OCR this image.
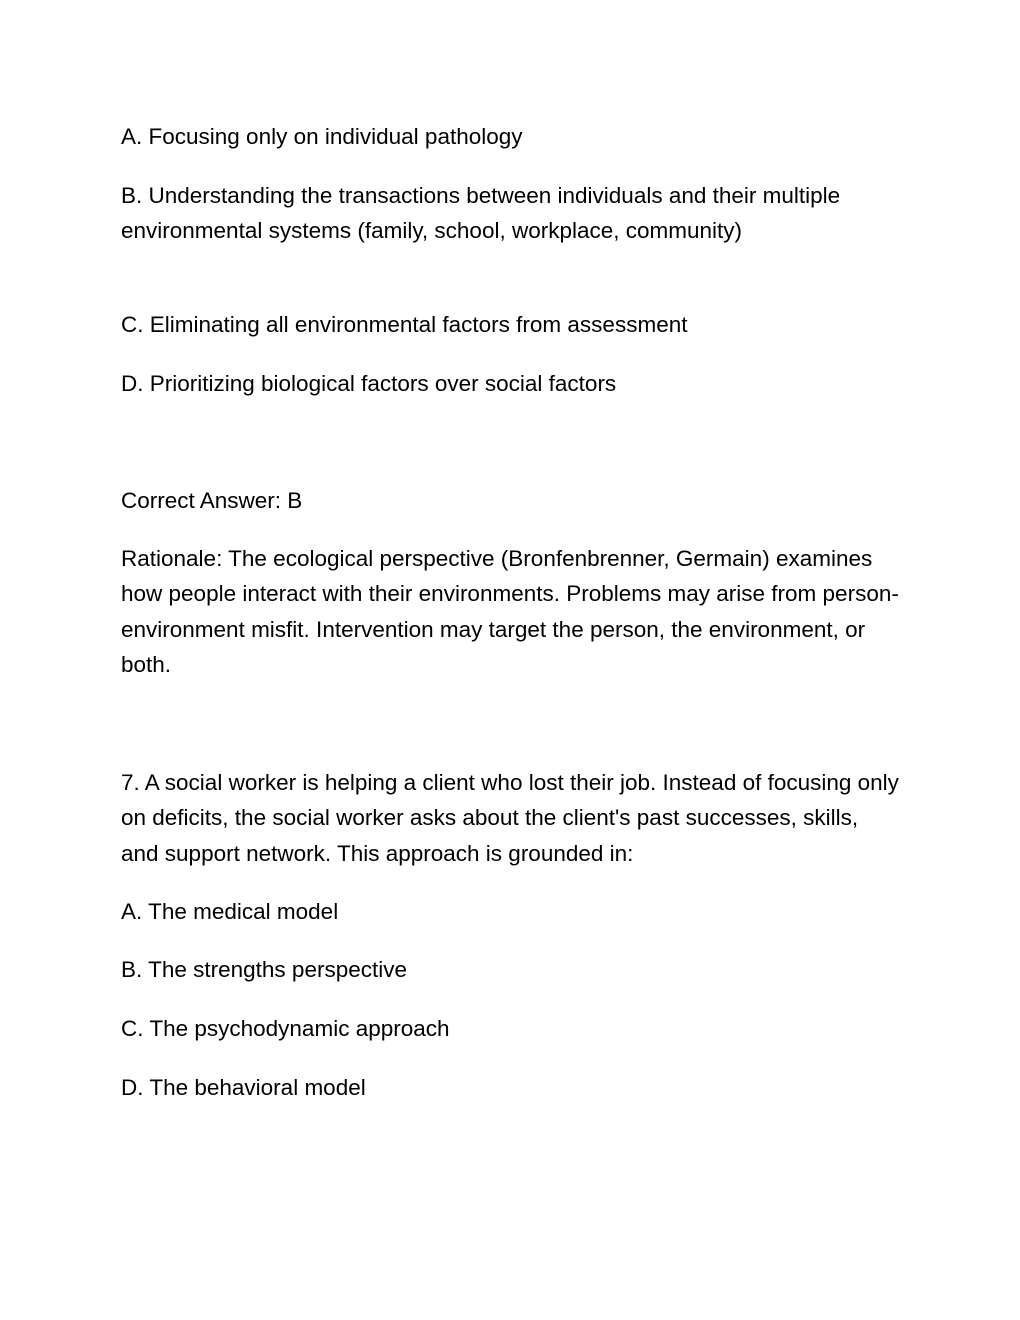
A. Focusing only on individual pathology

B. Understanding the transactions between individuals and their multiple environmental systems (family, school, workplace, community)

C. Eliminating all environmental factors from assessment

D. Prioritizing biological factors over social factors

Correct Answer: B

Rationale: The ecological perspective (Bronfenbrenner, Germain) examines how people interact with their environments. Problems may arise from person-environment misfit. Intervention may target the person, the environment, or both.

7. A social worker is helping a client who lost their job. Instead of focusing only on deficits, the social worker asks about the client's past successes, skills, and support network. This approach is grounded in:

A. The medical model

B. The strengths perspective

C. The psychodynamic approach

D. The behavioral model
